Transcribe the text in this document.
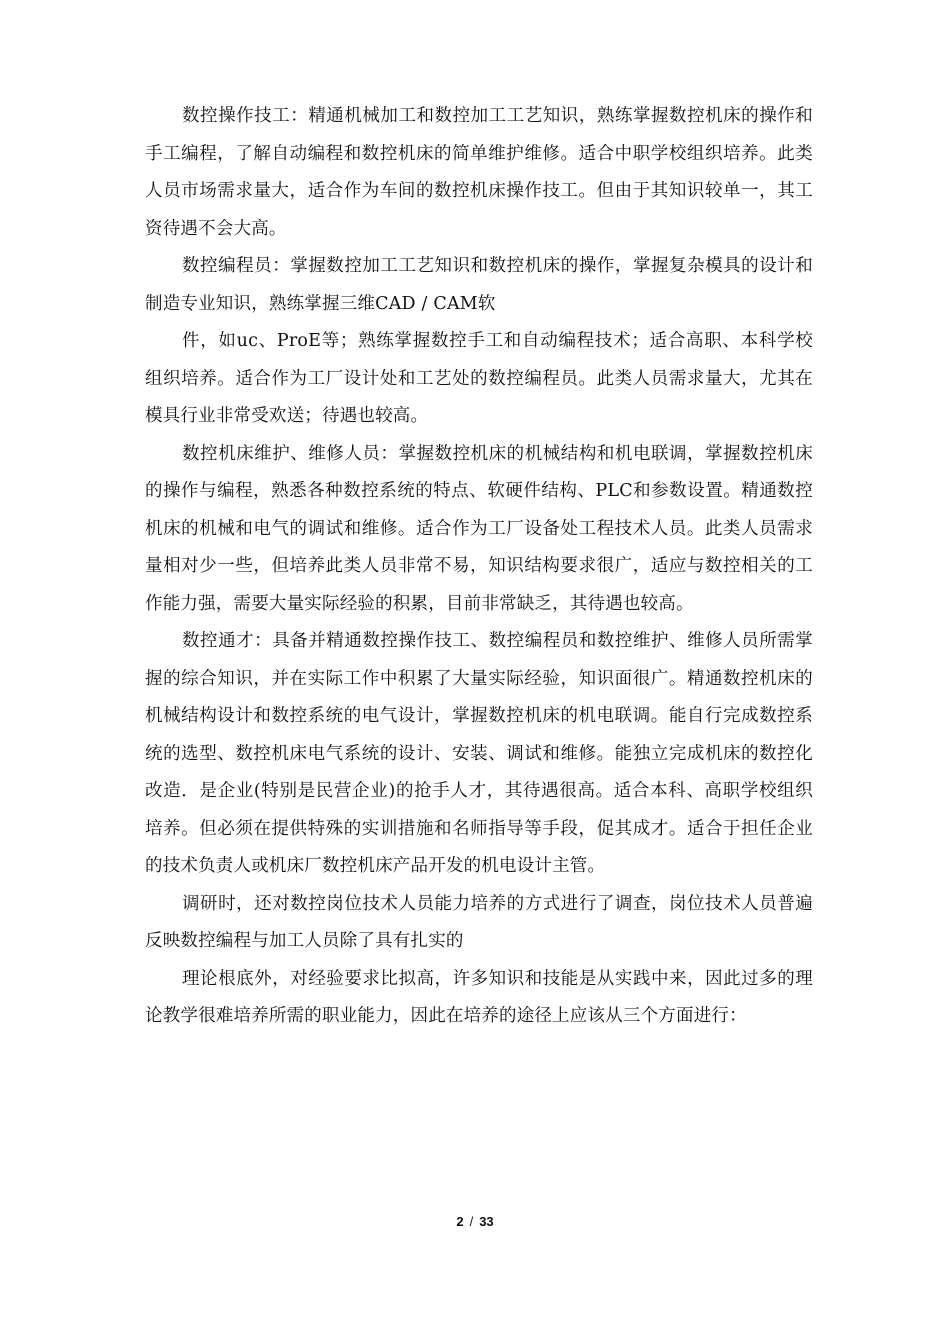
数控操作技工：精通机械加工和数控加工工艺知识，熟练掌握数控机床的操作和手工编程，了解自动编程和数控机床的简单维护维修。适合中职学校组织培养。此类人员市场需求量大，适合作为车间的数控机床操作技工。但由于其知识较单一，其工资待遇不会大高。

数控编程员：掌握数控加工工艺知识和数控机床的操作，掌握复杂模具的设计和制造专业知识，熟练掌握三维CAD / CAM软

件，如uc、ProE等；熟练掌握数控手工和自动编程技术；适合高职、本科学校组织培养。适合作为工厂设计处和工艺处的数控编程员。此类人员需求量大，尤其在模具行业非常受欢送；待遇也较高。

数控机床维护、维修人员：掌握数控机床的机械结构和机电联调，掌握数控机床的操作与编程，熟悉各种数控系统的特点、软硬件结构、PLC和参数设置。精通数控机床的机械和电气的调试和维修。适合作为工厂设备处工程技术人员。此类人员需求量相对少一些，但培养此类人员非常不易，知识结构要求很广，适应与数控相关的工作能力强，需要大量实际经验的积累，目前非常缺乏，其待遇也较高。

数控通才：具备并精通数控操作技工、数控编程员和数控维护、维修人员所需掌握的综合知识，并在实际工作中积累了大量实际经验，知识面很广。精通数控机床的机械结构设计和数控系统的电气设计，掌握数控机床的机电联调。能自行完成数控系统的选型、数控机床电气系统的设计、安装、调试和维修。能独立完成机床的数控化改造．是企业(特别是民营企业)的抢手人才，其待遇很高。适合本科、高职学校组织培养。但必须在提供特殊的实训措施和名师指导等手段，促其成才。适合于担任企业的技术负责人或机床厂数控机床产品开发的机电设计主管。

调研时，还对数控岗位技术人员能力培养的方式进行了调查，岗位技术人员普遍反映数控编程与加工人员除了具有扎实的

理论根底外，对经验要求比拟高，许多知识和技能是从实践中来，因此过多的理论教学很难培养所需的职业能力，因此在培养的途径上应该从三个方面进行：

2 / 33
